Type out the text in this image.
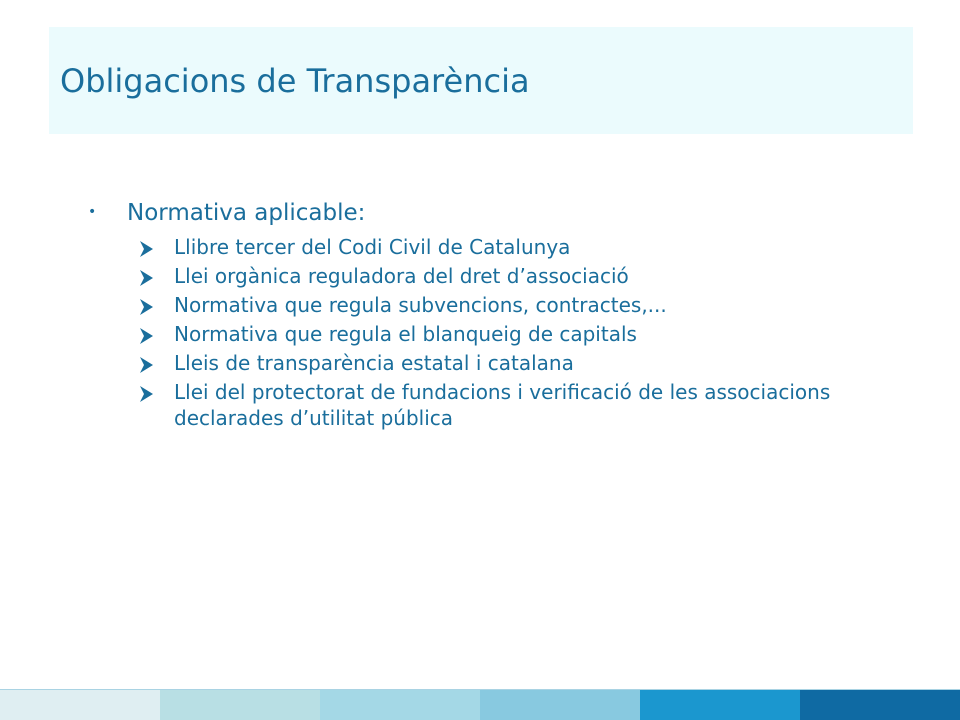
Obligacions de Transparència
• Normativa aplicable:
Llibre tercer del Codi Civil de Catalunya
Llei orgànica reguladora del dret d’associació
Normativa que regula subvencions, contractes,...
Normativa que regula el blanqueig de capitals
Lleis de transparència estatal i catalana
Llei del protectorat de fundacions i verificació de les associacions declarades d’utilitat pública
